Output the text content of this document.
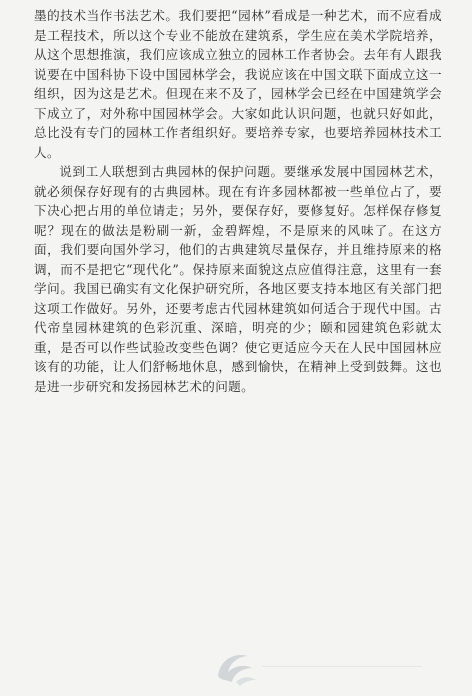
墨的技术当作书法艺术。我们要把“园林”看成是一种艺术，而不应看成是工程技术，所以这个专业不能放在建筑系，学生应在美术学院培养，从这个思想推演，我们应该成立独立的园林工作者协会。去年有人跟我说要在中国科协下设中国园林学会，我说应该在中国文联下面成立这一组织，因为这是艺术。但现在来不及了，园林学会已经在中国建筑学会下成立了，对外称中国园林学会。大家如此认识问题，也就只好如此，总比没有专门的园林工作者组织好。要培养专家，也要培养园林技术工人。

说到工人联想到古典园林的保护问题。要继承发展中国园林艺术，就必须保存好现有的古典园林。现在有许多园林都被一些单位占了，要下决心把占用的单位请走；另外，要保存好，要修复好。怎样保存修复呢？现在的做法是粉刷一新，金碧辉煌，不是原来的风味了。在这方面，我们要向国外学习，他们的古典建筑尽量保存，并且维持原来的格调，而不是把它“现代化”。保持原来面貌这点应值得注意，这里有一套学问。我国已确实有文化保护研究所，各地区要支持本地区有关部门把这项工作做好。另外，还要考虑古代园林建筑如何适合于现代中国。古代帝皇园林建筑的色彩沉重、深暗，明亮的少；颐和园建筑色彩就太重，是否可以作些试验改变些色调？使它更适应今天在人民中国园林应该有的功能，让人们舒畅地休息，感到愉快，在精神上受到鼓舞。这也是进一步研究和发扬园林艺术的问题。
